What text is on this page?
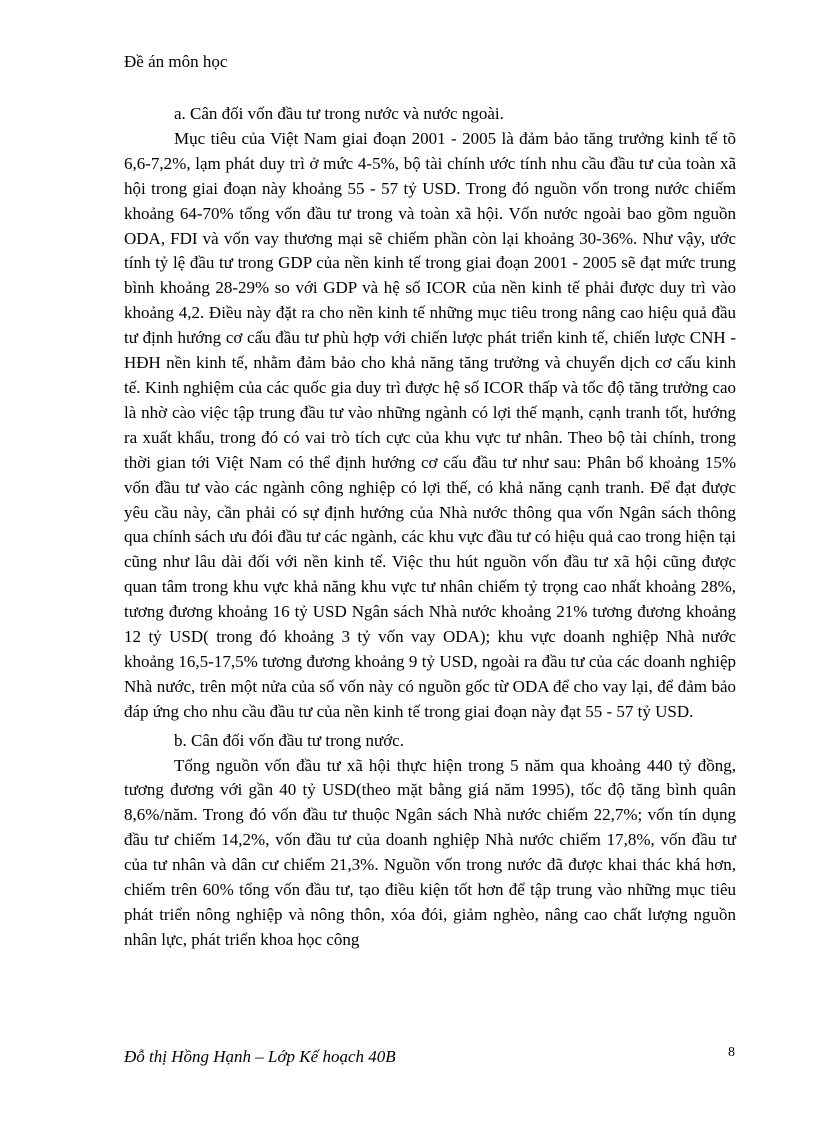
Đề án môn học

a. Cân đối vốn đầu tư trong nước và nước ngoài.

Mục tiêu của Việt Nam giai đoạn 2001 - 2005 là đảm bảo tăng trưởng kinh tế tõ 6,6-7,2%, lạm phát duy trì ở mức 4-5%, bộ tài chính ước tính nhu cầu đầu tư của toàn xã hội trong giai đoạn này khoảng 55 - 57 tỷ USD. Trong đó nguồn vốn trong nước chiếm khoảng 64-70% tổng vốn đầu tư trong và toàn xã hội. Vốn nước ngoài bao gồm nguồn ODA, FDI và vốn vay thương mại sẽ chiếm phần còn lại khoảng 30-36%. Như vậy, ước tính tỷ lệ đầu tư trong GDP của nền kinh tế trong giai đoạn 2001 - 2005 sẽ đạt mức trung bình khoảng 28-29% so với GDP và hệ số ICOR của nền kinh tế phải được duy trì vào khoảng 4,2. Điều này đặt ra cho nền kinh tế những mục tiêu trong nâng cao hiệu quả đầu tư định hướng cơ cấu đầu tư phù hợp với chiến lược phát triển kinh tế, chiến lược CNH - HĐH nền kinh tế, nhằm đảm bảo cho khả năng tăng trưởng và chuyển dịch cơ cấu kinh tế. Kinh nghiệm của các quốc gia duy trì được hệ số ICOR thấp và tốc độ tăng trưởng cao là nhờ cào việc tập trung đầu tư vào những ngành có lợi thế mạnh, cạnh tranh tốt, hướng ra xuất khẩu, trong đó có vai trò tích cực của khu vực tư nhân. Theo bộ tài chính, trong thời gian tới Việt Nam có thể định hướng cơ cấu đầu tư như sau: Phân bổ khoảng 15% vốn đầu tư vào các ngành công nghiệp có lợi thế, có khả năng cạnh tranh. Để đạt được yêu cầu này, cần phải có sự định hướng của Nhà nước thông qua vốn Ngân sách thông qua chính sách ưu đói đầu tư các ngành, các khu vực đầu tư có hiệu quả cao trong hiện tại cũng như lâu dài đối với nền kinh tế. Việc thu hút nguồn vốn đầu tư xã hội cũng được quan tâm trong khu vực khả năng khu vực tư nhân chiếm tỷ trọng cao nhất khoảng 28%, tương đương khoảng 16 tỷ USD Ngân sách Nhà nước khoảng 21% tương đương khoảng 12 tỷ USD( trong đó khoảng 3 tỷ vốn vay ODA); khu vực doanh nghiệp Nhà nước khoảng 16,5-17,5% tương đương khoảng 9 tỷ USD, ngoài ra đầu tư của các doanh nghiệp Nhà nước, trên một nửa của số vốn này có nguồn gốc từ ODA để cho vay lại, để đảm bảo đáp ứng cho nhu cầu đầu tư của nền kinh tế trong giai đoạn này đạt 55 - 57 tỷ USD.

b. Cân đối vốn đầu tư trong nước.

Tổng nguồn vốn đầu tư xã hội thực hiện trong 5 năm qua khoảng 440 tỷ đồng, tương đương với gần 40 tỷ USD(theo mặt bằng giá năm 1995), tốc độ tăng bình quân 8,6%/năm. Trong đó vốn đầu tư thuộc Ngân sách Nhà nước chiếm 22,7%; vốn tín dụng đầu tư chiếm 14,2%, vốn đầu tư của doanh nghiệp Nhà nước chiếm 17,8%, vốn đầu tư của tư nhân và dân cư chiếm 21,3%. Nguồn vốn trong nước đã được khai thác khá hơn, chiếm trên 60% tổng vốn đầu tư, tạo điều kiện tốt hơn để tập trung vào những mục tiêu phát triển nông nghiệp và nông thôn, xóa đói, giảm nghèo, nâng cao chất lượng nguồn nhân lực, phát triển khoa học công

Đỗ thị Hồng Hạnh – Lớp Kế hoạch 40B	8
